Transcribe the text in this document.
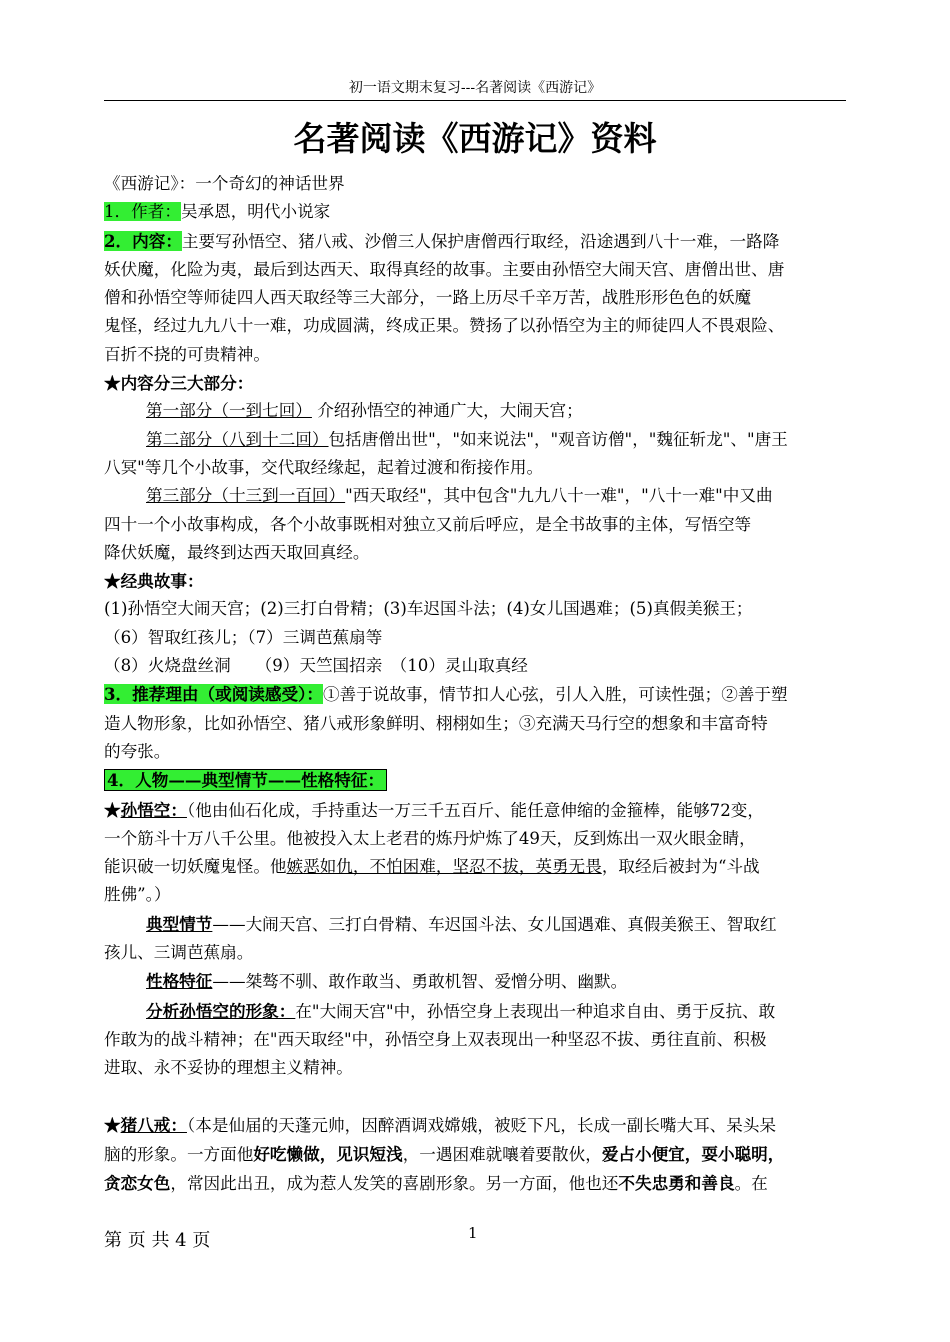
初一语文期末复习---名著阅读《西游记》
名著阅读《西游记》资料

《西游记》：一个奇幻的神话世界

1．作者：吴承恩，明代小说家

2．内容：主要写孙悟空、猪八戒、沙僧三人保护唐僧西行取经，沿途遇到八十一难，一路降

妖伏魔，化险为夷，最后到达西天、取得真经的故事。主要由孙悟空大闹天宫、唐僧出世、唐

僧和孙悟空等师徒四人西天取经等三大部分，一路上历尽千辛万苦，战胜形形色色的妖魔

鬼怪，经过九九八十一难，功成圆满，终成正果。赞扬了以孙悟空为主的师徒四人不畏艰险、

百折不挠的可贵精神。

★内容分三大部分：

第一部分（一到七回） 介绍孙悟空的神通广大，大闹天宫；

第二部分（八到十二回）包括唐僧出世"，"如来说法"，"观音访僧"，"魏征斩龙"、"唐王

八冥"等几个小故事，交代取经缘起，起着过渡和衔接作用。

第三部分（十三到一百回）"西天取经"，其中包含"九九八十一难"，"八十一难"中又曲

四十一个小故事构成，各个小故事既相对独立又前后呼应，是全书故事的主体，写悟空等

降伏妖魔，最终到达西天取回真经。

★经典故事：

(1)孙悟空大闹天宫；(2)三打白骨精；(3)车迟国斗法；(4)女儿国遇难；(5)真假美猴王；

（6）智取红孩儿；（7）三调芭蕉扇等

（8）火烧盘丝洞　　（9）天竺国招亲　（10）灵山取真经

3．推荐理由（或阅读感受）：①善于说故事，情节扣人心弦，引人入胜，可读性强；②善于塑

造人物形象，比如孙悟空、猪八戒形象鲜明、栩栩如生；③充满天马行空的想象和丰富奇特

的夸张。

4．人物——典型情节——性格特征：

★孙悟空：（他由仙石化成，手持重达一万三千五百斤、能任意伸缩的金箍棒，能够72变，

一个筋斗十万八千公里。他被投入太上老君的炼丹炉炼了49天，反到炼出一双火眼金睛，

能识破一切妖魔鬼怪。他嫉恶如仇，不怕困难，坚忍不拔，英勇无畏，取经后被封为“斗战

胜佛”。）

典型情节——大闹天宫、三打白骨精、车迟国斗法、女儿国遇难、真假美猴王、智取红

孩儿、三调芭蕉扇。

性格特征——桀骜不驯、敢作敢当、勇敢机智、爱憎分明、幽默。

分析孙悟空的形象：在"大闹天宫"中，孙悟空身上表现出一种追求自由、勇于反抗、敢

作敢为的战斗精神；在"西天取经"中，孙悟空身上双表现出一种坚忍不拔、勇往直前、积极

进取、永不妥协的理想主义精神。

★猪八戒：（本是仙届的天蓬元帅，因醉酒调戏嫦娥，被贬下凡，长成一副长嘴大耳、呆头呆

脑的形象。一方面他好吃懒做，见识短浅，一遇困难就嚷着要散伙，爱占小便宜，耍小聪明，

贪恋女色，常因此出丑，成为惹人发笑的喜剧形象。另一方面，他也还不失忠勇和善良。在

第 页 共 4 页	1
